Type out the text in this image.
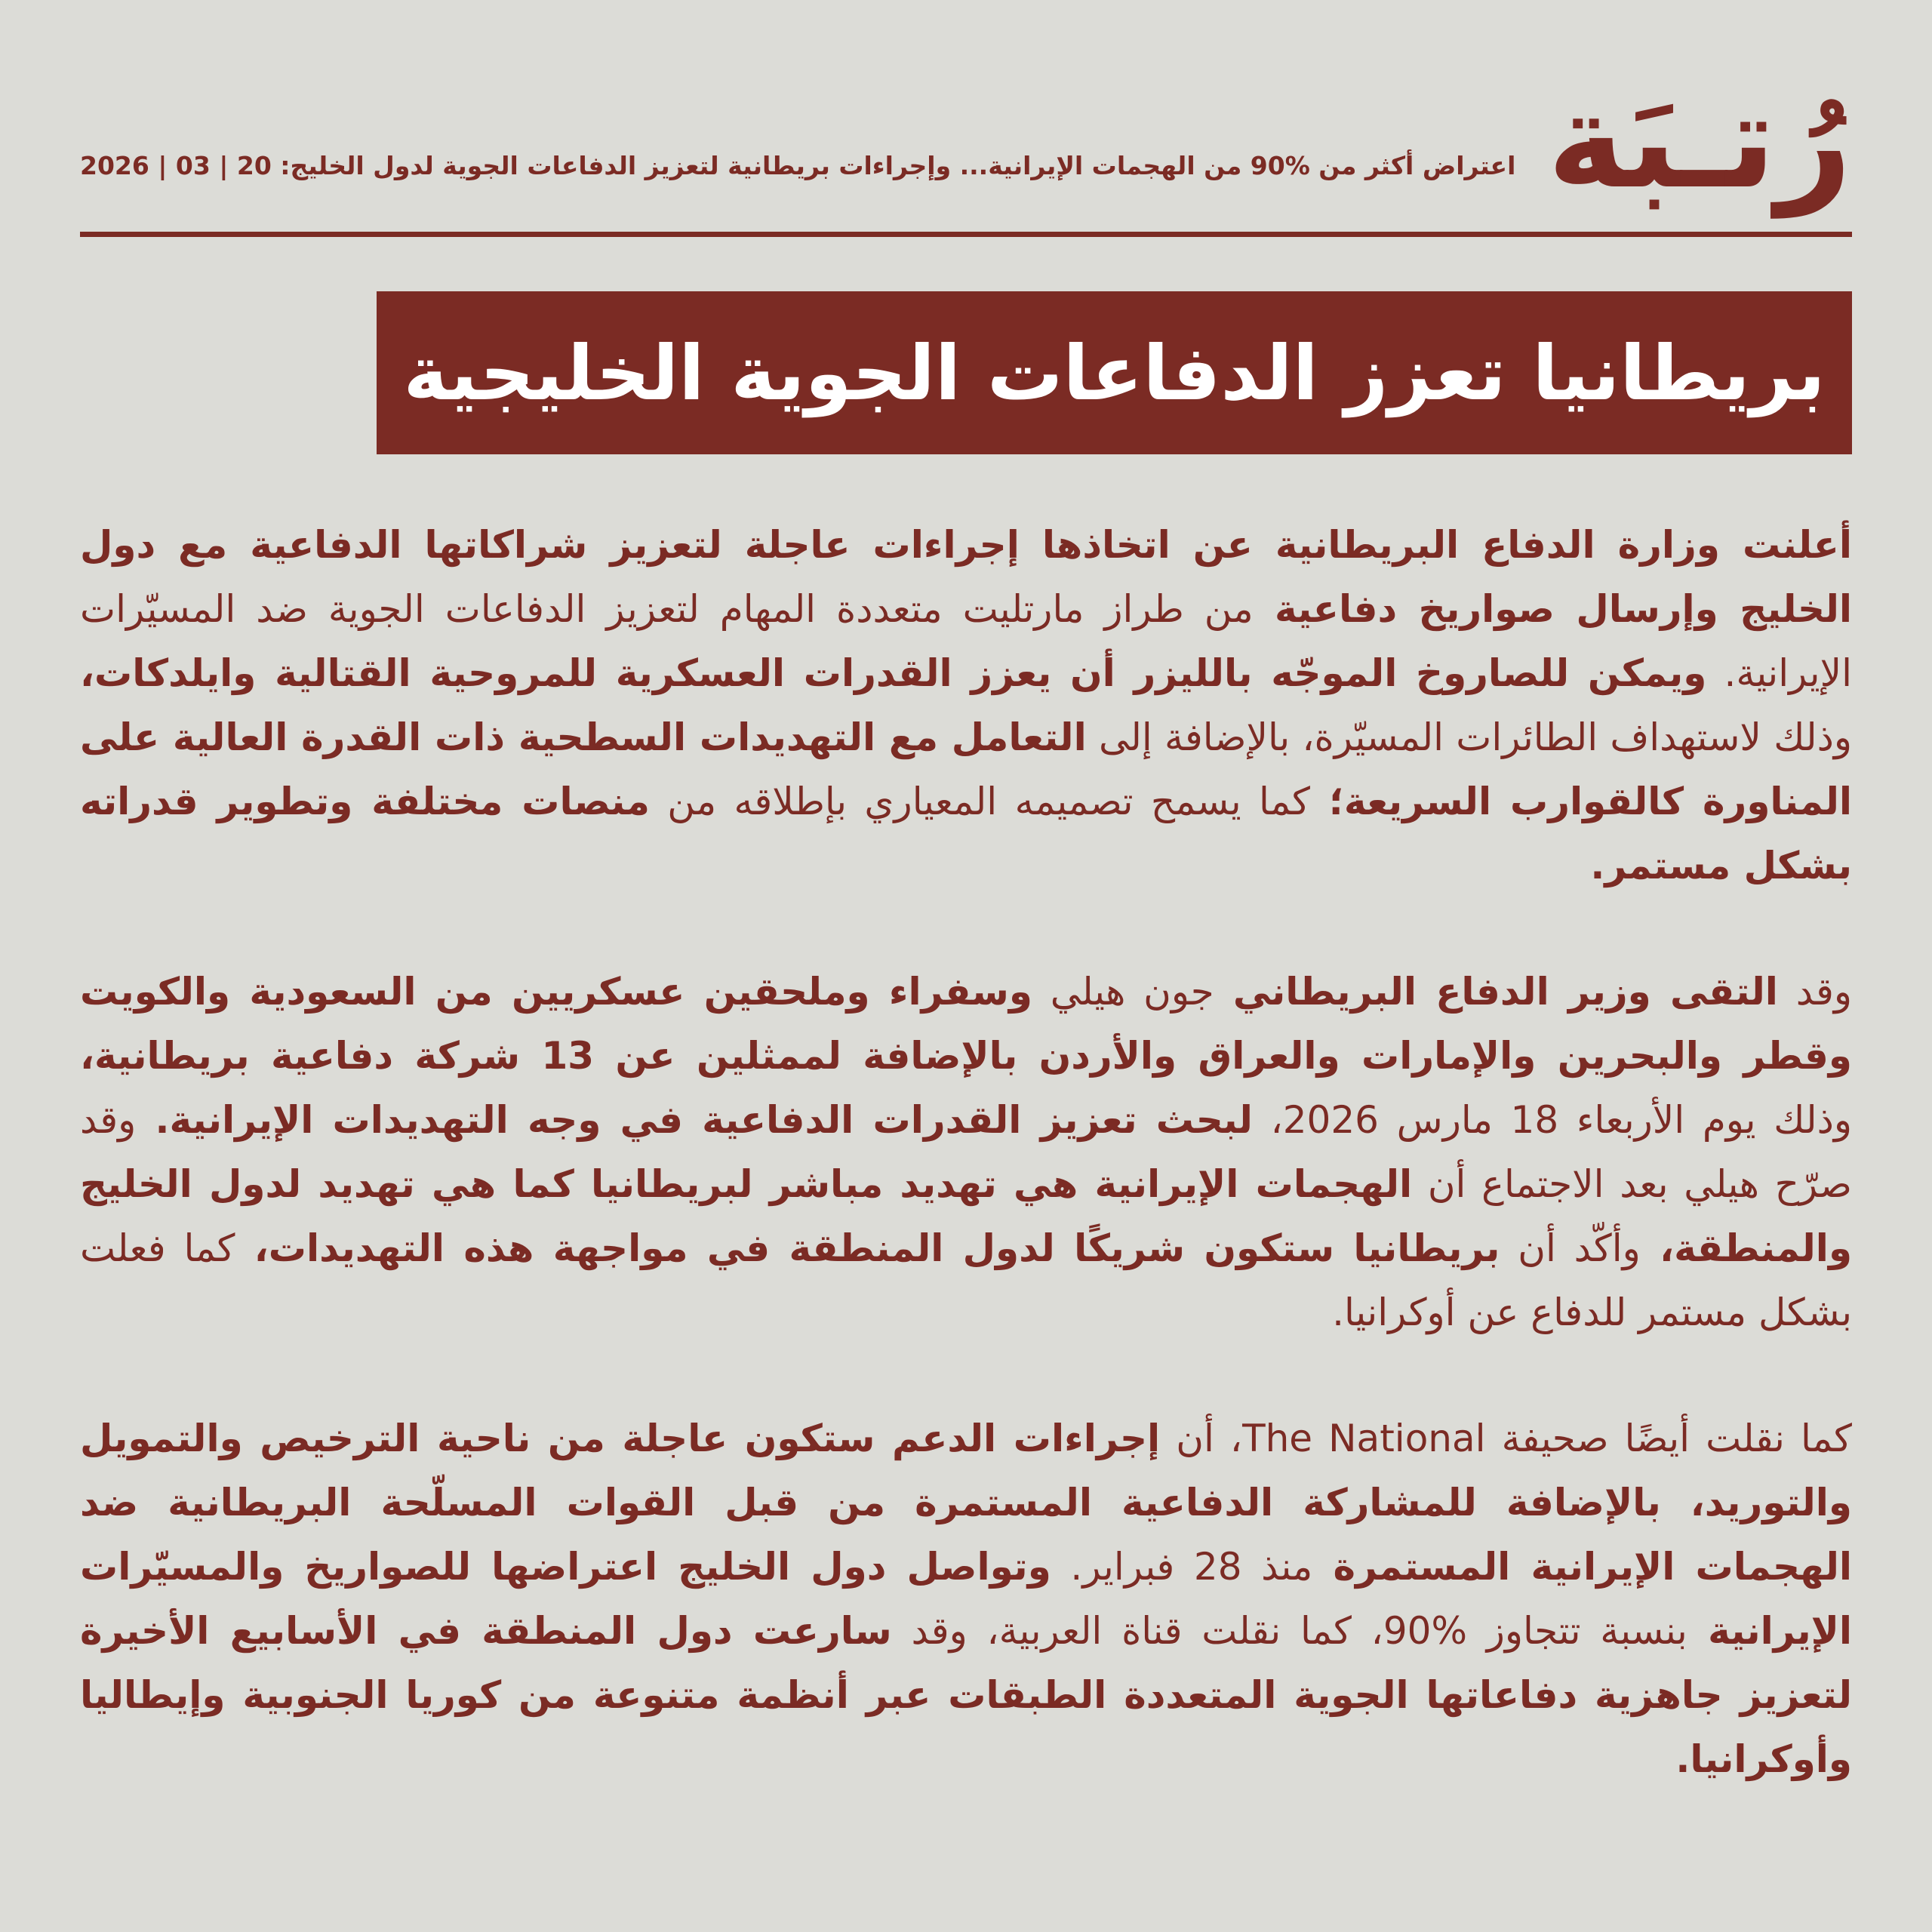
رُتـبَة
اعتراض أكثر من %90 من الهجمات الإيرانية... وإجراءات بريطانية لتعزيز الدفاعات الجوية لدول الخليج: 20 | 03 | 2026
بريطانيا تعزز الدفاعات الجوية الخليجية

أعلنت وزارة الدفاع البريطانية عن اتخاذها إجراءات عاجلة لتعزيز شراكاتها الدفاعية مع دول الخليج وإرسال صواريخ دفاعية من طراز مارتليت متعددة المهام لتعزيز الدفاعات الجوية ضد المسيّرات الإيرانية. ويمكن للصاروخ الموجّه بالليزر أن يعزز القدرات العسكرية للمروحية القتالية وايلدكات، وذلك لاستهداف الطائرات المسيّرة، بالإضافة إلى التعامل مع التهديدات السطحية ذات القدرة العالية على المناورة كالقوارب السريعة؛ كما يسمح تصميمه المعياري بإطلاقه من منصات مختلفة وتطوير قدراته بشكل مستمر.

وقد التقى وزير الدفاع البريطاني جون هيلي وسفراء وملحقين عسكريين من السعودية والكويت وقطر والبحرين والإمارات والعراق والأردن بالإضافة لممثلين عن 13 شركة دفاعية بريطانية، وذلك يوم الأربعاء 18 مارس 2026، لبحث تعزيز القدرات الدفاعية في وجه التهديدات الإيرانية. وقد صرّح هيلي بعد الاجتماع أن الهجمات الإيرانية هي تهديد مباشر لبريطانيا كما هي تهديد لدول الخليج والمنطقة، وأكّد أن بريطانيا ستكون شريكًا لدول المنطقة في مواجهة هذه التهديدات، كما فعلت بشكل مستمر للدفاع عن أوكرانيا.

كما نقلت أيضًا صحيفة The National، أن إجراءات الدعم ستكون عاجلة من ناحية الترخيص والتمويل والتوريد، بالإضافة للمشاركة الدفاعية المستمرة من قبل القوات المسلّحة البريطانية ضد الهجمات الإيرانية المستمرة منذ 28 فبراير. وتواصل دول الخليج اعتراضها للصواريخ والمسيّرات الإيرانية بنسبة تتجاوز %90، كما نقلت قناة العربية، وقد سارعت دول المنطقة في الأسابيع الأخيرة لتعزيز جاهزية دفاعاتها الجوية المتعددة الطبقات عبر أنظمة متنوعة من كوريا الجنوبية وإيطاليا وأوكرانيا.
